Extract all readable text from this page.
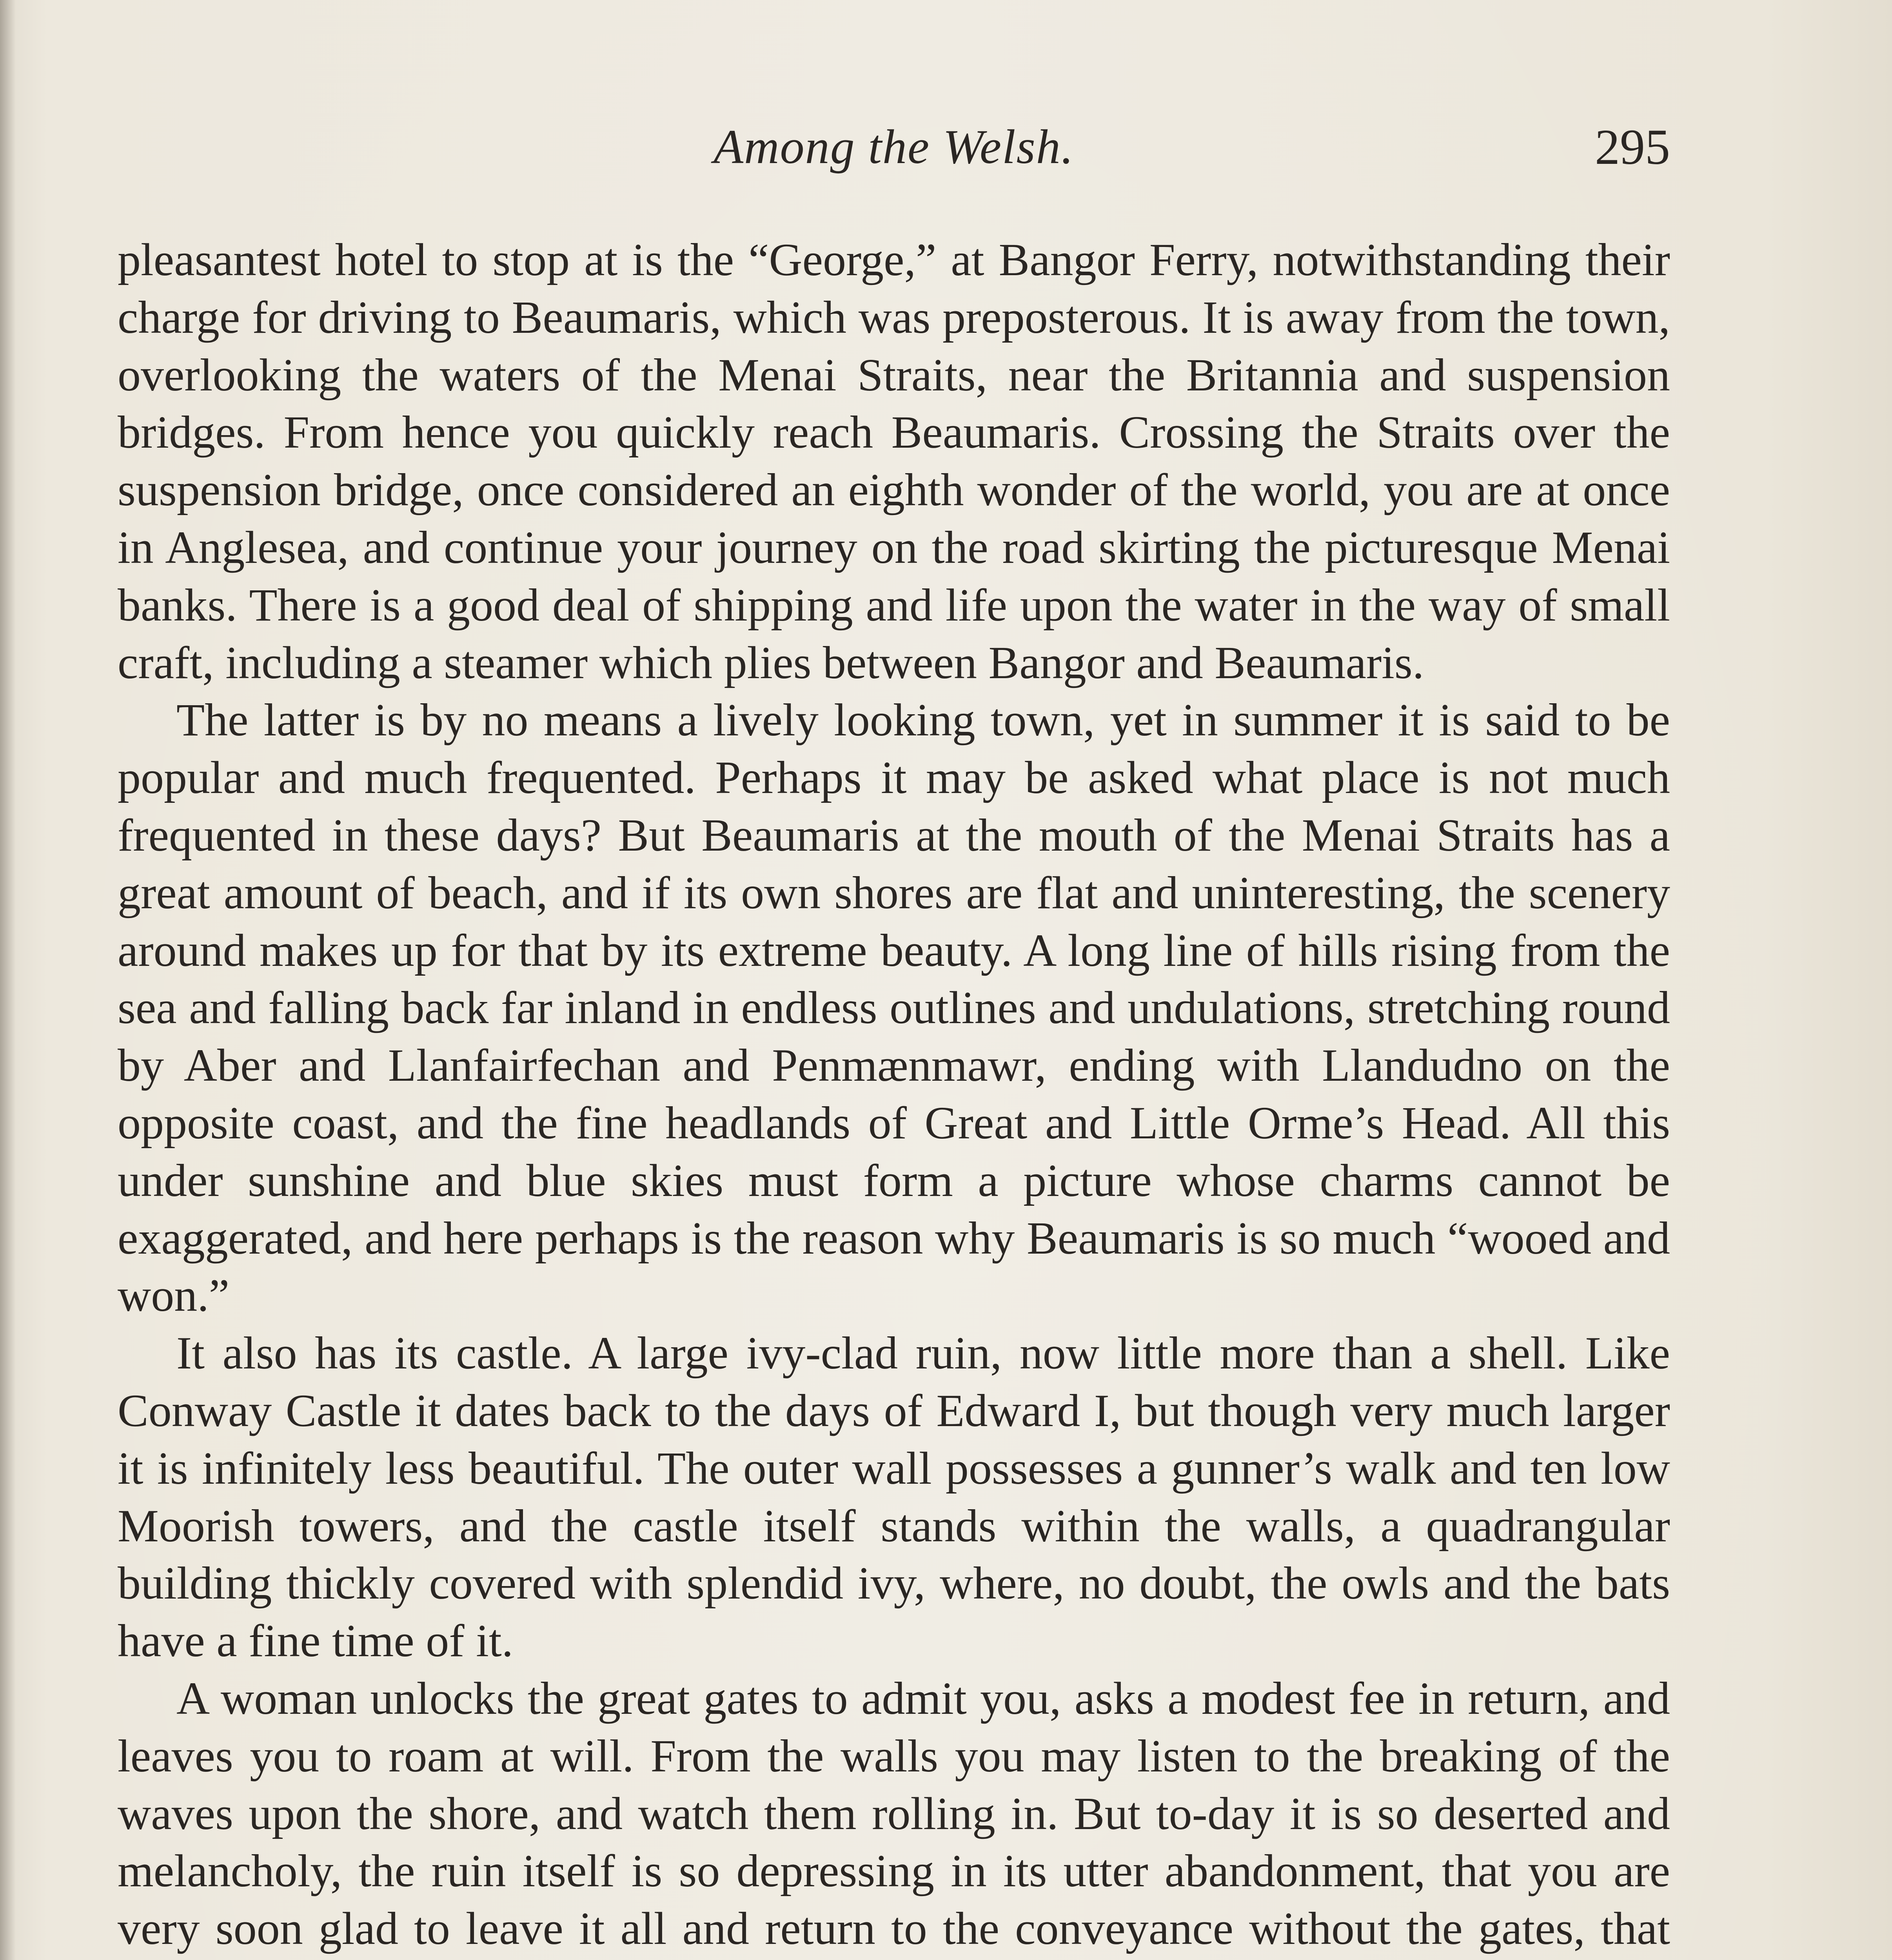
Among the Welsh.	295

pleasantest hotel to stop at is the “George,” at Bangor Ferry, notwithstanding their charge for driving to Beaumaris, which was preposterous. It is away from the town, overlooking the waters of the Menai Straits, near the Britannia and suspension bridges. From hence you quickly reach Beaumaris. Crossing the Straits over the suspension bridge, once considered an eighth wonder of the world, you are at once in Anglesea, and continue your journey on the road skirting the picturesque Menai banks. There is a good deal of shipping and life upon the water in the way of small craft, including a steamer which plies between Bangor and Beaumaris.

The latter is by no means a lively looking town, yet in summer it is said to be popular and much frequented. Perhaps it may be asked what place is not much frequented in these days? But Beaumaris at the mouth of the Menai Straits has a great amount of beach, and if its own shores are flat and uninteresting, the scenery around makes up for that by its extreme beauty. A long line of hills rising from the sea and falling back far inland in endless outlines and undulations, stretching round by Aber and Llanfairfechan and Penmænmawr, ending with Llandudno on the opposite coast, and the fine headlands of Great and Little Orme’s Head. All this under sunshine and blue skies must form a picture whose charms cannot be exaggerated, and here perhaps is the reason why Beaumaris is so much “wooed and won.”

It also has its castle. A large ivy-clad ruin, now little more than a shell. Like Conway Castle it dates back to the days of Edward I, but though very much larger it is infinitely less beautiful. The outer wall possesses a gunner’s walk and ten low Moorish towers, and the castle itself stands within the walls, a quadrangular building thickly covered with splendid ivy, where, no doubt, the owls and the bats have a fine time of it.

A woman unlocks the great gates to admit you, asks a modest fee in return, and leaves you to roam at will. From the walls you may listen to the breaking of the waves upon the shore, and watch them rolling in. But to-day it is so deserted and melancholy, the ruin itself is so depressing in its utter abandonment, that you are very soon glad to leave it all and return to the conveyance without the gates, that
